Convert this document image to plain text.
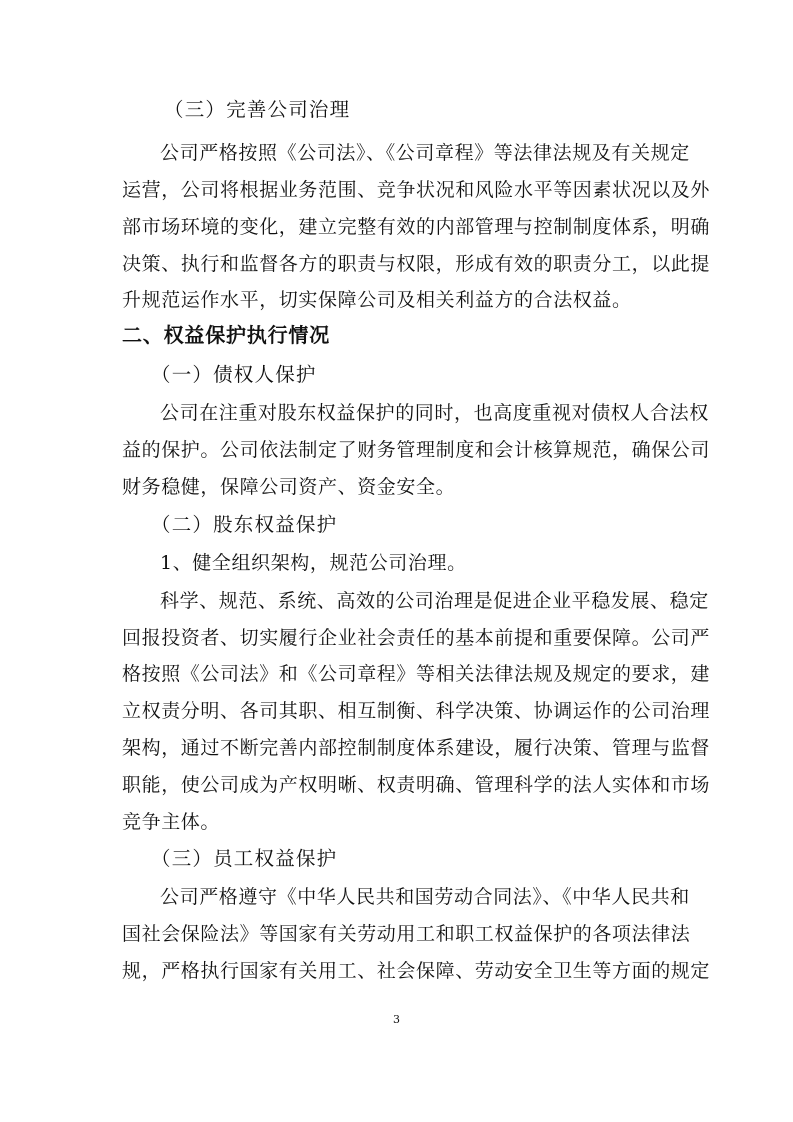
（三）完善公司治理
公司严格按照《公司法》、《公司章程》等法律法规及有关规定
运营，公司将根据业务范围、竞争状况和风险水平等因素状况以及外
部市场环境的变化，建立完整有效的内部管理与控制制度体系，明确
决策、执行和监督各方的职责与权限，形成有效的职责分工，以此提
升规范运作水平，切实保障公司及相关利益方的合法权益。
二、权益保护执行情况
（一）债权人保护
公司在注重对股东权益保护的同时，也高度重视对债权人合法权
益的保护。公司依法制定了财务管理制度和会计核算规范，确保公司
财务稳健，保障公司资产、资金安全。
（二）股东权益保护
1、健全组织架构，规范公司治理。
科学、规范、系统、高效的公司治理是促进企业平稳发展、稳定
回报投资者、切实履行企业社会责任的基本前提和重要保障。公司严
格按照《公司法》和《公司章程》等相关法律法规及规定的要求，建
立权责分明、各司其职、相互制衡、科学决策、协调运作的公司治理
架构，通过不断完善内部控制制度体系建设，履行决策、管理与监督
职能，使公司成为产权明晰、权责明确、管理科学的法人实体和市场
竞争主体。
（三）员工权益保护
公司严格遵守《中华人民共和国劳动合同法》、《中华人民共和
国社会保险法》等国家有关劳动用工和职工权益保护的各项法律法
规，严格执行国家有关用工、社会保障、劳动安全卫生等方面的规定
3
